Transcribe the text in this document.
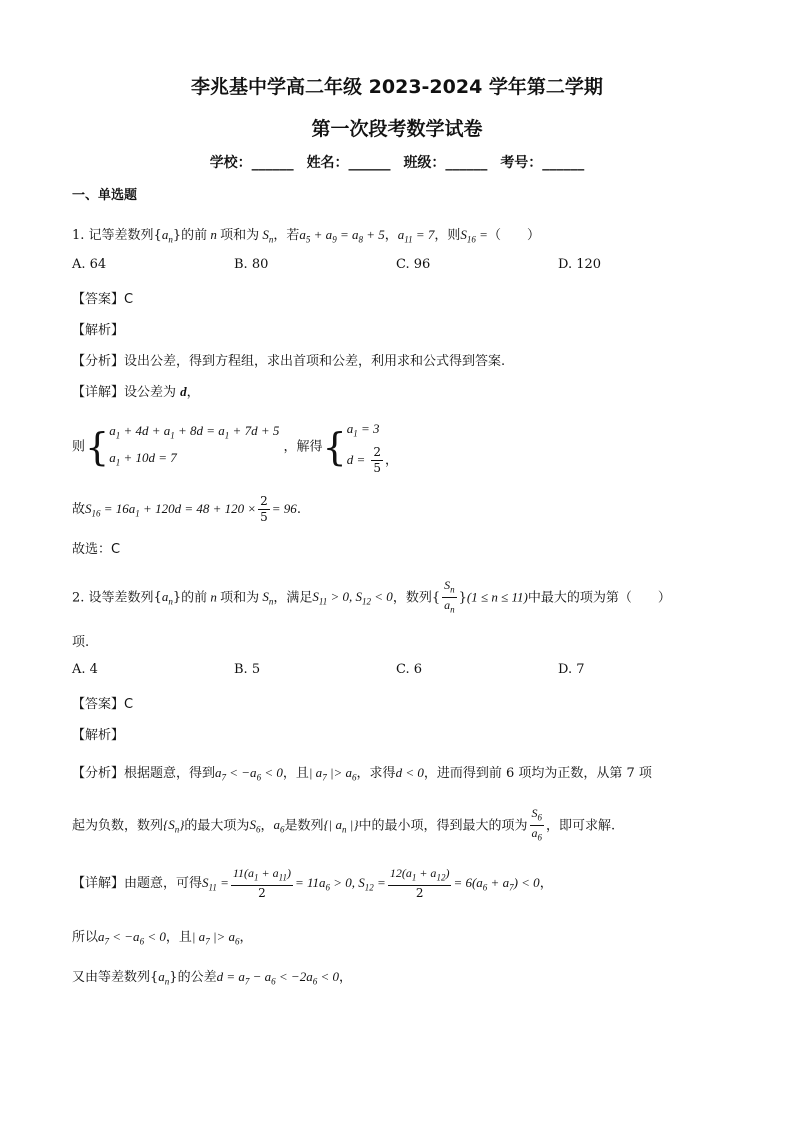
李兆基中学高二年级 2023-2024 学年第二学期
第一次段考数学试卷
学校：______ 姓名：______ 班级：______ 考号：______
一、单选题
1. 记等差数列$\{a_n\}$的前 n 项和为 $S_n$，若$a_5 + a_9 = a_8 + 5$，$a_{11} = 7$，则$S_{16}$ =（　　）
A. 64	B. 80	C. 96	D. 120
【答案】C
【解析】
【分析】设出公差，得到方程组，求出首项和公差，利用求和公式得到答案.
【详解】设公差为 d，
则{ $a_1 + 4d + a_1 + 8d = a_1 + 7d + 5$
$a_1 + 10d = 7$
，解得{ $a_1 = 3$
$d = \frac{2}{5}$ ，
故$S_{16} = 16a_1 + 120d = 48 + 120 \times \frac{2}{5} = 96$.
故选：C
2. 设等差数列$\{a_n\}$的前 n 项和为 $S_n$，满足$S_{11} > 0$, $S_{12} < 0$，数列{ $\frac{S_n}{a_n} \}(1 \le n \le 11)$中最大的项为第（　　）
项.
A. 4	B. 5	C. 6	D. 7
【答案】C
【解析】
【分析】根据题意，得到$a_7 < -a_6 < 0$，且| $a_7$ |> $a_6$，求得d < 0，进而得到前 6 项均为正数，从第 7 项
起为负数，数列$\{S_n\}$的最大项为$S_6$，$a_6$是数列{| $a_n$ |}中的最小项，得到最大的项为 $\frac{S_6}{a_6}$ ，即可求解.
【详解】由题意，可得$S_{11} = \frac{11(a_1 + a_{11})}{2} = 11a_6 > 0$, $S_{12} = \frac{12(a_1 + a_{12})}{2} = 6(a_6 + a_7) < 0$，
所以$a_7 < -a_6 < 0$，且| $a_7$ |> $a_6$，
又由等差数列$\{a_n\}$的公差$d = a_7 - a_6 < -2a_6 < 0$，
